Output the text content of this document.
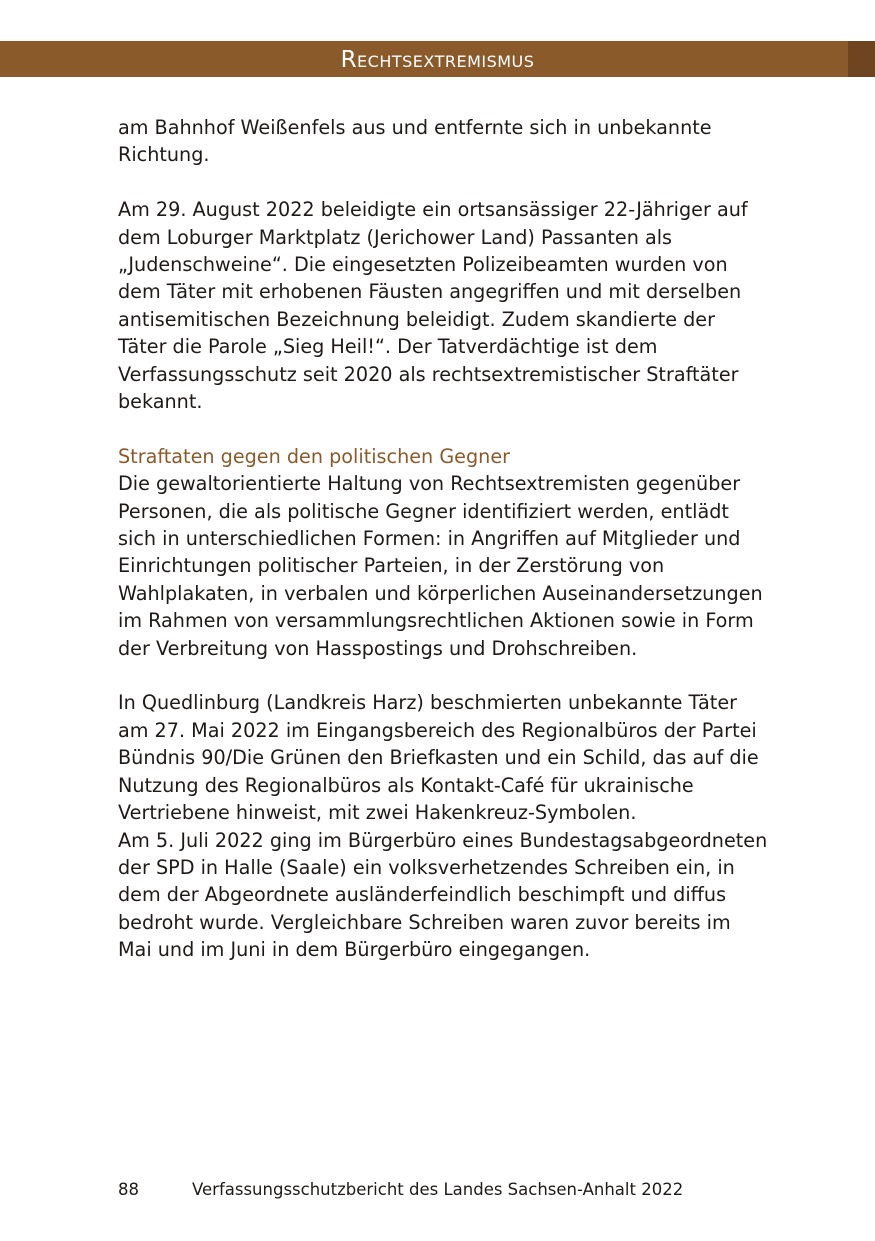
Rechtsextremismus

am Bahnhof Weißenfels aus und entfernte sich in unbekannte Richtung.

Am 29. August 2022 beleidigte ein ortsansässiger 22-Jähriger auf dem Loburger Marktplatz (Jerichower Land) Passanten als „Judenschweine“. Die eingesetzten Polizeibeamten wurden von dem Täter mit erhobenen Fäusten angegriffen und mit derselben antisemitischen Bezeichnung beleidigt. Zudem skandierte der Täter die Parole „Sieg Heil!“. Der Tatverdächtige ist dem Verfassungsschutz seit 2020 als rechtsextremistischer Straftäter bekannt.

Straftaten gegen den politischen Gegner

Die gewaltorientierte Haltung von Rechtsextremisten gegenüber Personen, die als politische Gegner identifiziert werden, entlädt sich in unterschiedlichen Formen: in Angriffen auf Mitglieder und Einrichtungen politischer Parteien, in der Zerstörung von Wahlplakaten, in verbalen und körperlichen Auseinandersetzungen im Rahmen von versammlungsrechtlichen Aktionen sowie in Form der Verbreitung von Hasspostings und Drohschreiben.

In Quedlinburg (Landkreis Harz) beschmierten unbekannte Täter am 27. Mai 2022 im Eingangsbereich des Regionalbüros der Partei Bündnis 90/Die Grünen den Briefkasten und ein Schild, das auf die Nutzung des Regionalbüros als Kontakt-Café für ukrainische Vertriebene hinweist, mit zwei Hakenkreuz-Symbolen.

Am 5. Juli 2022 ging im Bürgerbüro eines Bundestagsabgeordneten der SPD in Halle (Saale) ein volksverhetzendes Schreiben ein, in dem der Abgeordnete ausländerfeindlich beschimpft und diffus bedroht wurde. Vergleichbare Schreiben waren zuvor bereits im Mai und im Juni in dem Bürgerbüro eingegangen.

88	Verfassungsschutzbericht des Landes Sachsen-Anhalt 2022
